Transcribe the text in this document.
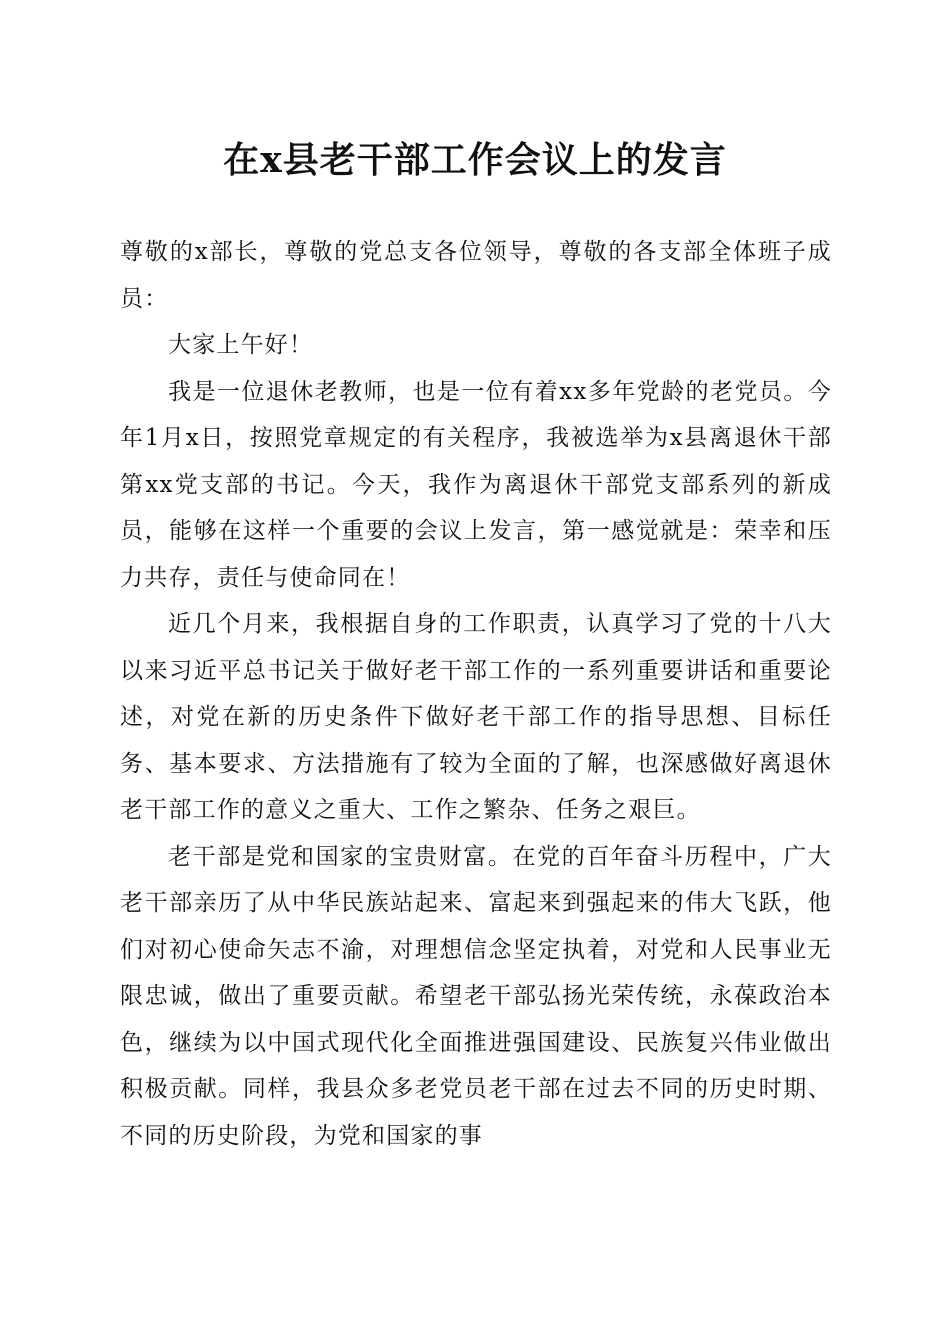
在x县老干部工作会议上的发言

尊敬的x部长，尊敬的党总支各位领导，尊敬的各支部全体班子成员：

大家上午好！

我是一位退休老教师，也是一位有着xx多年党龄的老党员。今年1月x日，按照党章规定的有关程序，我被选举为x县离退休干部第xx党支部的书记。今天，我作为离退休干部党支部系列的新成员，能够在这样一个重要的会议上发言，第一感觉就是：荣幸和压力共存，责任与使命同在！

近几个月来，我根据自身的工作职责，认真学习了党的十八大以来习近平总书记关于做好老干部工作的一系列重要讲话和重要论述，对党在新的历史条件下做好老干部工作的指导思想、目标任务、基本要求、方法措施有了较为全面的了解，也深感做好离退休老干部工作的意义之重大、工作之繁杂、任务之艰巨。

老干部是党和国家的宝贵财富。在党的百年奋斗历程中，广大老干部亲历了从中华民族站起来、富起来到强起来的伟大飞跃，他们对初心使命矢志不渝，对理想信念坚定执着，对党和人民事业无限忠诚，做出了重要贡献。希望老干部弘扬光荣传统，永葆政治本色，继续为以中国式现代化全面推进强国建设、民族复兴伟业做出积极贡献。同样，我县众多老党员老干部在过去不同的历史时期、不同的历史阶段，为党和国家的事
